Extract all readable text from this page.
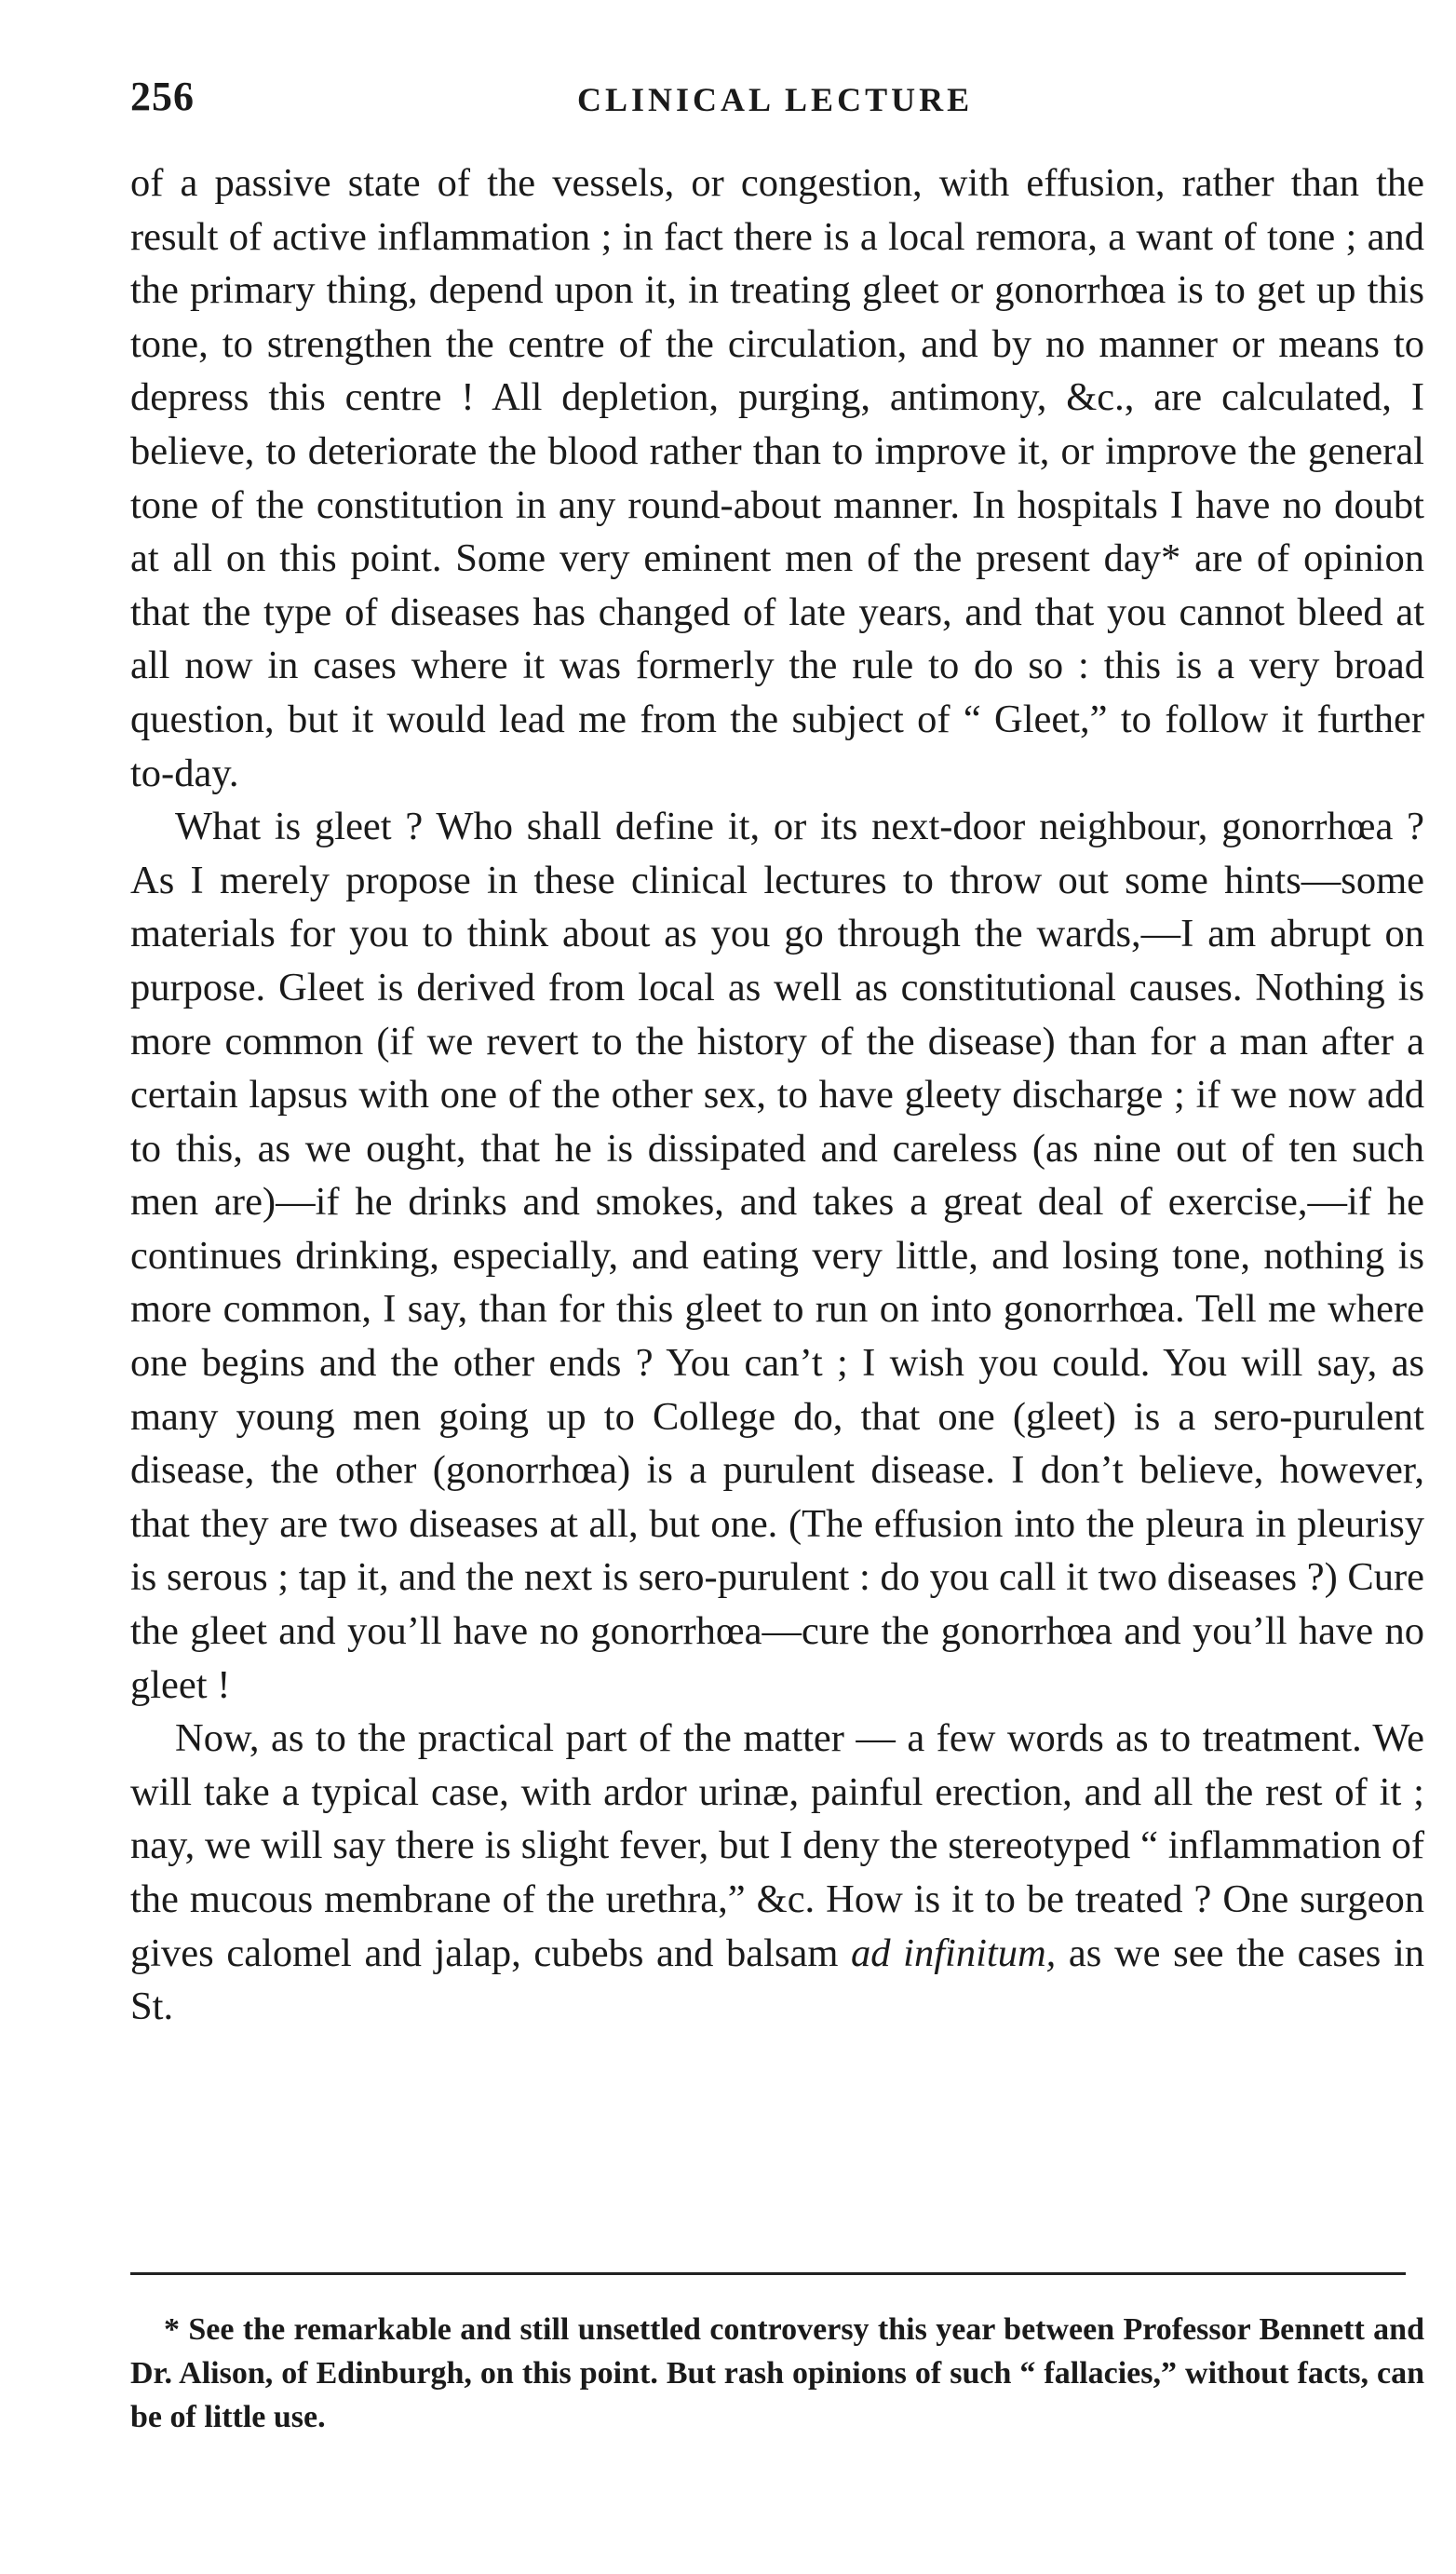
256	CLINICAL LECTURE

of a passive state of the vessels, or congestion, with effusion, rather than the result of active inflammation ; in fact there is a local remora, a want of tone ; and the primary thing, depend upon it, in treating gleet or gonorrhœa is to get up this tone, to strengthen the centre of the circulation, and by no manner or means to depress this centre ! All depletion, purging, antimony, &c., are calculated, I believe, to deteriorate the blood rather than to improve it, or improve the general tone of the constitution in any round-about manner. In hospitals I have no doubt at all on this point. Some very eminent men of the present day* are of opinion that the type of diseases has changed of late years, and that you cannot bleed at all now in cases where it was formerly the rule to do so : this is a very broad question, but it would lead me from the subject of “ Gleet,” to follow it further to-day.

What is gleet ? Who shall define it, or its next-door neighbour, gonorrhœa ? As I merely propose in these clinical lectures to throw out some hints—some materials for you to think about as you go through the wards,—I am abrupt on purpose. Gleet is derived from local as well as constitutional causes. Nothing is more common (if we revert to the history of the disease) than for a man after a certain lapsus with one of the other sex, to have gleety discharge ; if we now add to this, as we ought, that he is dissipated and careless (as nine out of ten such men are)—if he drinks and smokes, and takes a great deal of exercise,—if he continues drinking, especially, and eating very little, and losing tone, nothing is more common, I say, than for this gleet to run on into gonorrhœa. Tell me where one begins and the other ends ? You can’t ; I wish you could. You will say, as many young men going up to College do, that one (gleet) is a sero-purulent disease, the other (gonorrhœa) is a purulent disease. I don’t believe, however, that they are two diseases at all, but one. (The effusion into the pleura in pleurisy is serous ; tap it, and the next is sero-purulent : do you call it two diseases ?) Cure the gleet and you’ll have no gonorrhœa—cure the gonorrhœa and you’ll have no gleet !

Now, as to the practical part of the matter — a few words as to treatment. We will take a typical case, with ardor urinæ, painful erection, and all the rest of it ; nay, we will say there is slight fever, but I deny the stereotyped “ inflammation of the mucous membrane of the urethra,” &c. How is it to be treated ? One surgeon gives calomel and jalap, cubebs and balsam ad infinitum, as we see the cases in St.

* See the remarkable and still unsettled controversy this year between Professor Bennett and Dr. Alison, of Edinburgh, on this point. But rash opinions of such “ fallacies,” without facts, can be of little use.
